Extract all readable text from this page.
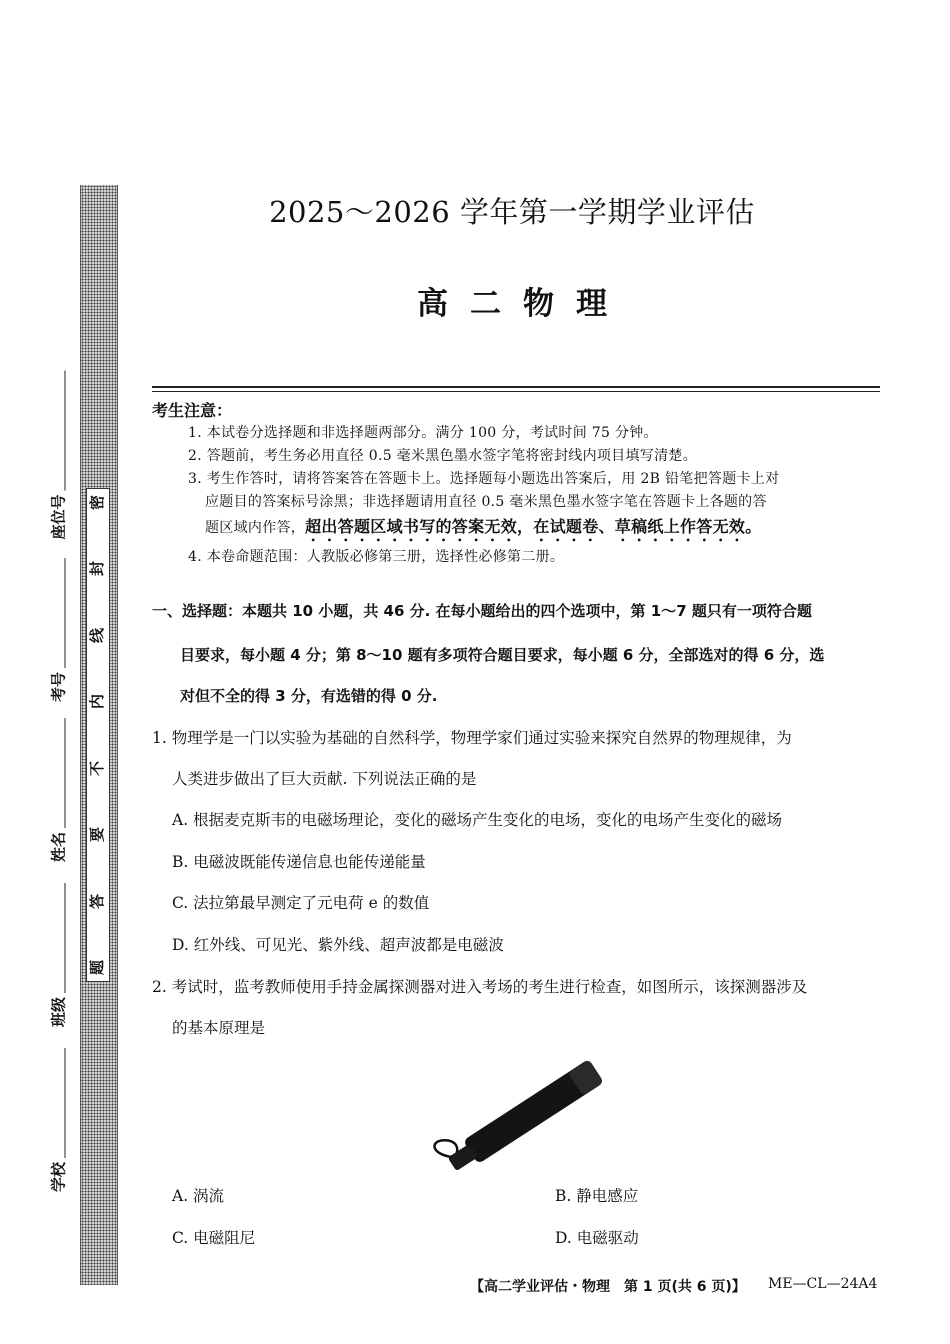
密
封
线
内
不
要
答
题
座位号
考号
姓名
班级
学校
2025～2026 学年第一学期学业评估
高二物理
考生注意：
1. 本试卷分选择题和非选择题两部分。满分 100 分，考试时间 75 分钟。
2. 答题前，考生务必用直径 0.5 毫米黑色墨水签字笔将密封线内项目填写清楚。
3. 考生作答时，请将答案答在答题卡上。选择题每小题选出答案后，用 2B 铅笔把答题卡上对
应题目的答案标号涂黑；非选择题请用直径 0.5 毫米黑色墨水签字笔在答题卡上各题的答
题区域内作答，超出答题区域书写的答案无效，在试题卷、草稿纸上作答无效。
4. 本卷命题范围：人教版必修第三册，选择性必修第二册。
一、选择题：本题共 10 小题，共 46 分. 在每小题给出的四个选项中，第 1～7 题只有一项符合题
目要求，每小题 4 分；第 8～10 题有多项符合题目要求，每小题 6 分，全部选对的得 6 分，选
对但不全的得 3 分，有选错的得 0 分.
1. 物理学是一门以实验为基础的自然科学，物理学家们通过实验来探究自然界的物理规律，为
人类进步做出了巨大贡献. 下列说法正确的是
A. 根据麦克斯韦的电磁场理论，变化的磁场产生变化的电场，变化的电场产生变化的磁场
B. 电磁波既能传递信息也能传递能量
C. 法拉第最早测定了元电荷 e 的数值
D. 红外线、可见光、紫外线、超声波都是电磁波
2. 考试时，监考教师使用手持金属探测器对进入考场的考生进行检查，如图所示，该探测器涉及
的基本原理是
A. 涡流	B. 静电感应
C. 电磁阻尼	D. 电磁驱动
【高二学业评估・物理　第 1 页(共 6 页)】 ME—CL—24A4
